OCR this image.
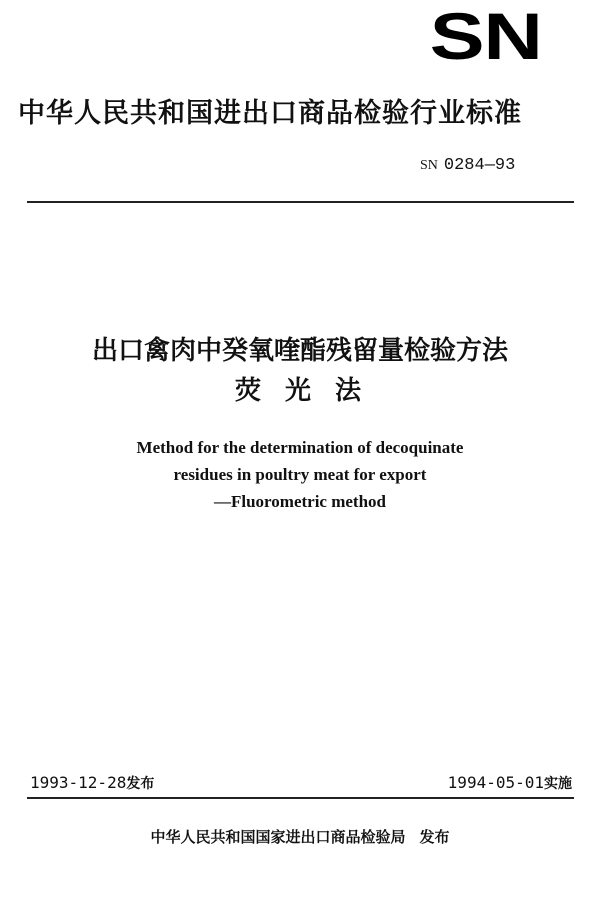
SN
中华人民共和国进出口商品检验行业标准
SN 0284—93
出口禽肉中癸氧喹酯残留量检验方法
荧光法
Method for the determination of decoquinate
residues in poultry meat for export
—Fluorometric method
1993-12-28发布	1994-05-01实施
中华人民共和国国家进出口商品检验局 发布
